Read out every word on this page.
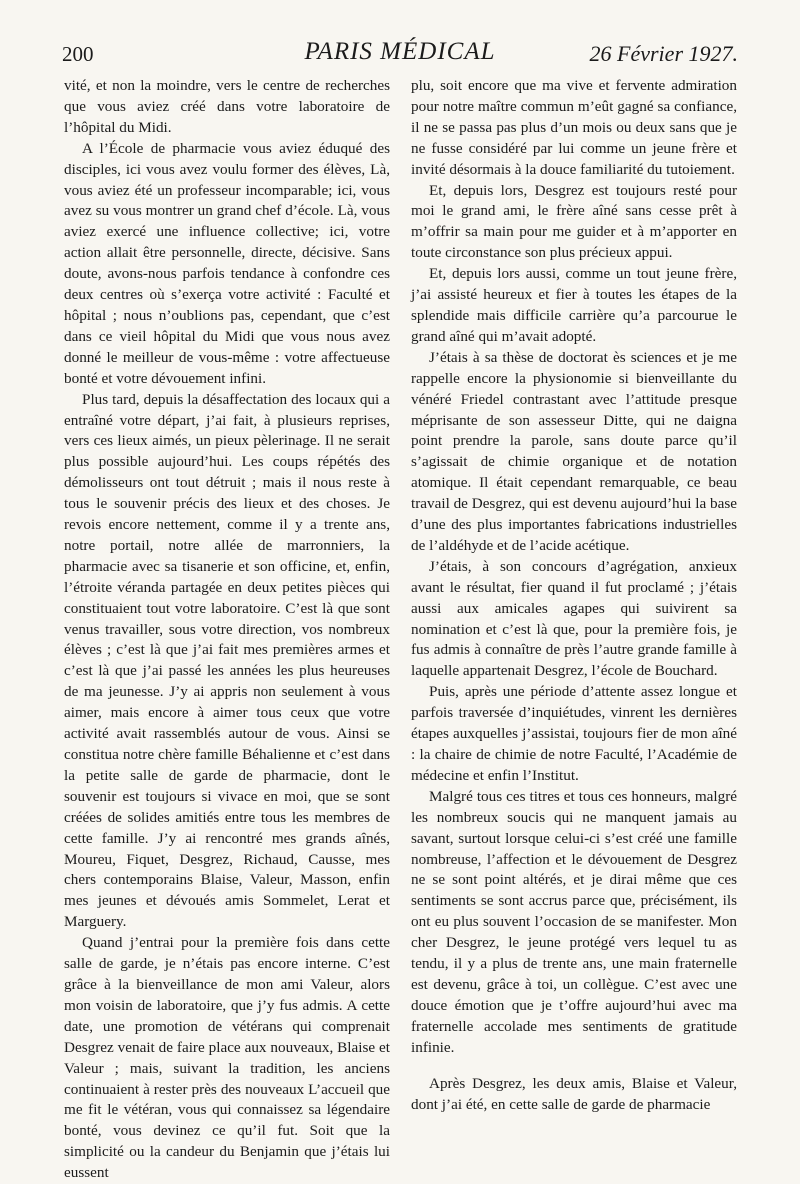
200	PARIS MÉDICAL	26 Février 1927.

vité, et non la moindre, vers le centre de recherches que vous aviez créé dans votre laboratoire de l’hôpital du Midi.

A l’École de pharmacie vous aviez éduqué des disciples, ici vous avez voulu former des élèves, Là, vous aviez été un professeur incomparable; ici, vous avez su vous montrer un grand chef d’école. Là, vous aviez exercé une influence collective; ici, votre action allait être personnelle, directe, décisive. Sans doute, avons-nous parfois tendance à confondre ces deux centres où s’exerça votre activité : Faculté et hôpital ; nous n’oublions pas, cependant, que c’est dans ce vieil hôpital du Midi que vous nous avez donné le meilleur de vous-même : votre affectueuse bonté et votre dévouement infini.

Plus tard, depuis la désaffectation des locaux qui a entraîné votre départ, j’ai fait, à plusieurs reprises, vers ces lieux aimés, un pieux pèlerinage. Il ne serait plus possible aujourd’hui. Les coups répétés des démolisseurs ont tout détruit ; mais il nous reste à tous le souvenir précis des lieux et des choses. Je revois encore nettement, comme il y a trente ans, notre portail, notre allée de marronniers, la pharmacie avec sa tisanerie et son officine, et, enfin, l’étroite véranda partagée en deux petites pièces qui constituaient tout votre laboratoire. C’est là que sont venus travailler, sous votre direction, vos nombreux élèves ; c’est là que j’ai fait mes premières armes et c’est là que j’ai passé les années les plus heureuses de ma jeunesse. J’y ai appris non seulement à vous aimer, mais encore à aimer tous ceux que votre activité avait rassemblés autour de vous. Ainsi se constitua notre chère famille Béhalienne et c’est dans la petite salle de garde de pharmacie, dont le souvenir est toujours si vivace en moi, que se sont créées de solides amitiés entre tous les membres de cette famille. J’y ai rencontré mes grands aînés, Moureu, Fiquet, Desgrez, Richaud, Causse, mes chers contemporains Blaise, Valeur, Masson, enfin mes jeunes et dévoués amis Sommelet, Lerat et Marguery.

Quand j’entrai pour la première fois dans cette salle de garde, je n’étais pas encore interne. C’est grâce à la bienveillance de mon ami Valeur, alors mon voisin de laboratoire, que j’y fus admis. A cette date, une promotion de vétérans qui comprenait Desgrez venait de faire place aux nouveaux, Blaise et Valeur ; mais, suivant la tradition, les anciens continuaient à rester près des nouveaux L’accueil que me fit le vétéran, vous qui connaissez sa légendaire bonté, vous devinez ce qu’il fut. Soit que la simplicité ou la candeur du Benjamin que j’étais lui eussent

plu, soit encore que ma vive et fervente admiration pour notre maître commun m’eût gagné sa confiance, il ne se passa pas plus d’un mois ou deux sans que je ne fusse considéré par lui comme un jeune frère et invité désormais à la douce familiarité du tutoiement.

Et, depuis lors, Desgrez est toujours resté pour moi le grand ami, le frère aîné sans cesse prêt à m’offrir sa main pour me guider et à m’apporter en toute circonstance son plus précieux appui.

Et, depuis lors aussi, comme un tout jeune frère, j’ai assisté heureux et fier à toutes les étapes de la splendide mais difficile carrière qu’a parcourue le grand aîné qui m’avait adopté.

J’étais à sa thèse de doctorat ès sciences et je me rappelle encore la physionomie si bienveillante du vénéré Friedel contrastant avec l’attitude presque méprisante de son assesseur Ditte, qui ne daigna point prendre la parole, sans doute parce qu’il s’agissait de chimie organique et de notation atomique. Il était cependant remarquable, ce beau travail de Desgrez, qui est devenu aujourd’hui la base d’une des plus importantes fabrications industrielles de l’aldéhyde et de l’acide acétique.

J’étais, à son concours d’agrégation, anxieux avant le résultat, fier quand il fut proclamé ; j’étais aussi aux amicales agapes qui suivirent sa nomination et c’est là que, pour la première fois, je fus admis à connaître de près l’autre grande famille à laquelle appartenait Desgrez, l’école de Bouchard.

Puis, après une période d’attente assez longue et parfois traversée d’inquiétudes, vinrent les dernières étapes auxquelles j’assistai, toujours fier de mon aîné : la chaire de chimie de notre Faculté, l’Académie de médecine et enfin l’Institut.

Malgré tous ces titres et tous ces honneurs, malgré les nombreux soucis qui ne manquent jamais au savant, surtout lorsque celui-ci s’est créé une famille nombreuse, l’affection et le dévouement de Desgrez ne se sont point altérés, et je dirai même que ces sentiments se sont accrus parce que, précisément, ils ont eu plus souvent l’occasion de se manifester. Mon cher Desgrez, le jeune protégé vers lequel tu as tendu, il y a plus de trente ans, une main fraternelle est devenu, grâce à toi, un collègue. C’est avec une douce émotion que je t’offre aujourd’hui avec ma fraternelle accolade mes sentiments de gratitude infinie.

Après Desgrez, les deux amis, Blaise et Valeur, dont j’ai été, en cette salle de garde de pharmacie
